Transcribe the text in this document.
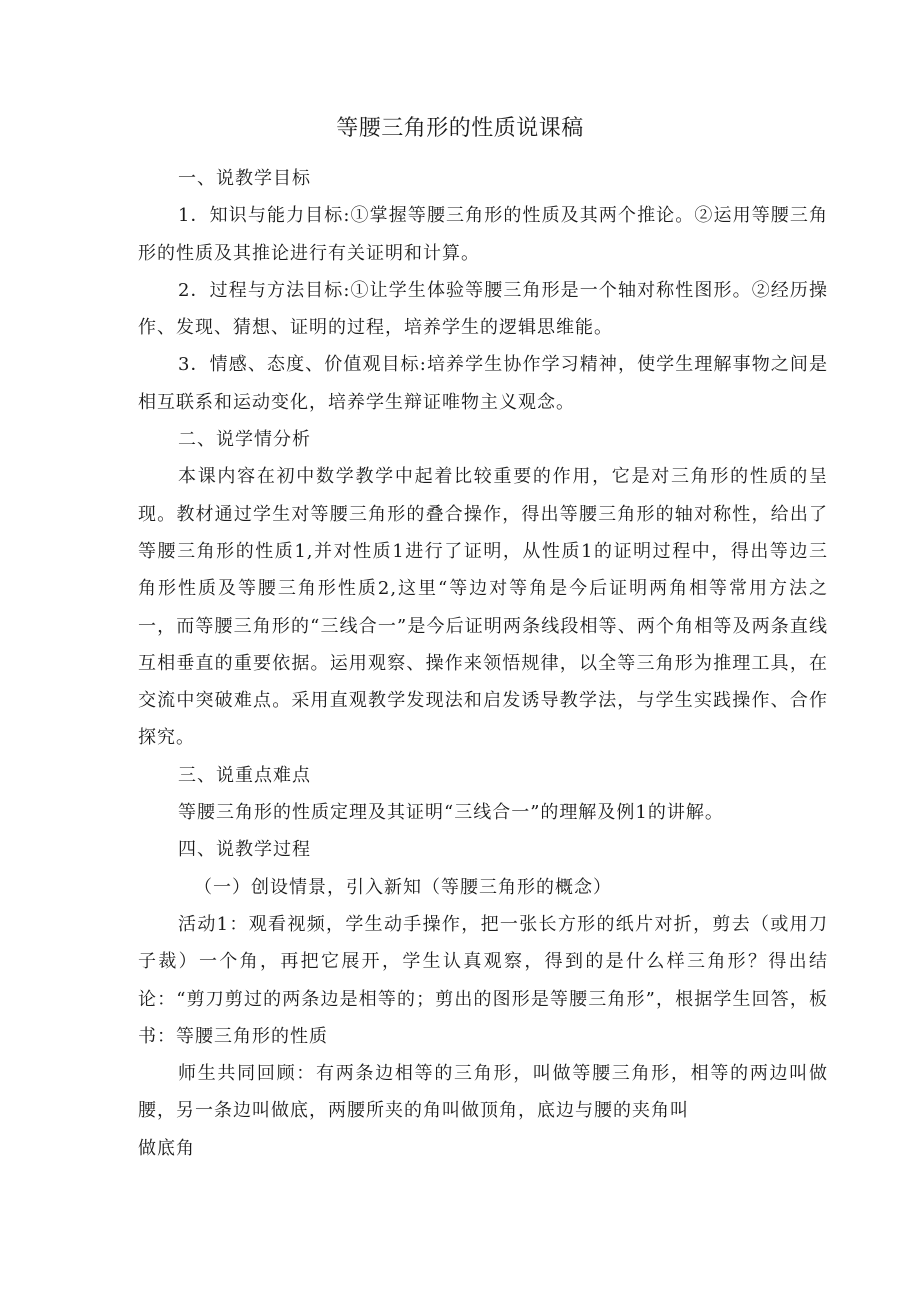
等腰三角形的性质说课稿

一、说教学目标

1．知识与能力目标:①掌握等腰三角形的性质及其两个推论。②运用等腰三角形的性质及其推论进行有关证明和计算。

2．过程与方法目标:①让学生体验等腰三角形是一个轴对称性图形。②经历操作、发现、猜想、证明的过程，培养学生的逻辑思维能。

3．情感、态度、价值观目标:培养学生协作学习精神，使学生理解事物之间是相互联系和运动变化，培养学生辩证唯物主义观念。

二、说学情分析

本课内容在初中数学教学中起着比较重要的作用，它是对三角形的性质的呈现。教材通过学生对等腰三角形的叠合操作，得出等腰三角形的轴对称性，给出了等腰三角形的性质1,并对性质1进行了证明，从性质1的证明过程中，得出等边三角形性质及等腰三角形性质2,这里“等边对等角是今后证明两角相等常用方法之一，而等腰三角形的“三线合一”是今后证明两条线段相等、两个角相等及两条直线互相垂直的重要依据。运用观察、操作来领悟规律，以全等三角形为推理工具，在交流中突破难点。采用直观教学发现法和启发诱导教学法，与学生实践操作、合作探究。

三、说重点难点

等腰三角形的性质定理及其证明“三线合一”的理解及例1的讲解。

四、说教学过程

（一）创设情景，引入新知（等腰三角形的概念）

活动1：观看视频，学生动手操作，把一张长方形的纸片对折，剪去（或用刀子裁）一个角，再把它展开，学生认真观察，得到的是什么样三角形？得出结论：“剪刀剪过的两条边是相等的；剪出的图形是等腰三角形”，根据学生回答，板书：等腰三角形的性质

师生共同回顾：有两条边相等的三角形，叫做等腰三角形，相等的两边叫做腰，另一条边叫做底，两腰所夹的角叫做顶角，底边与腰的夹角叫

做底角
